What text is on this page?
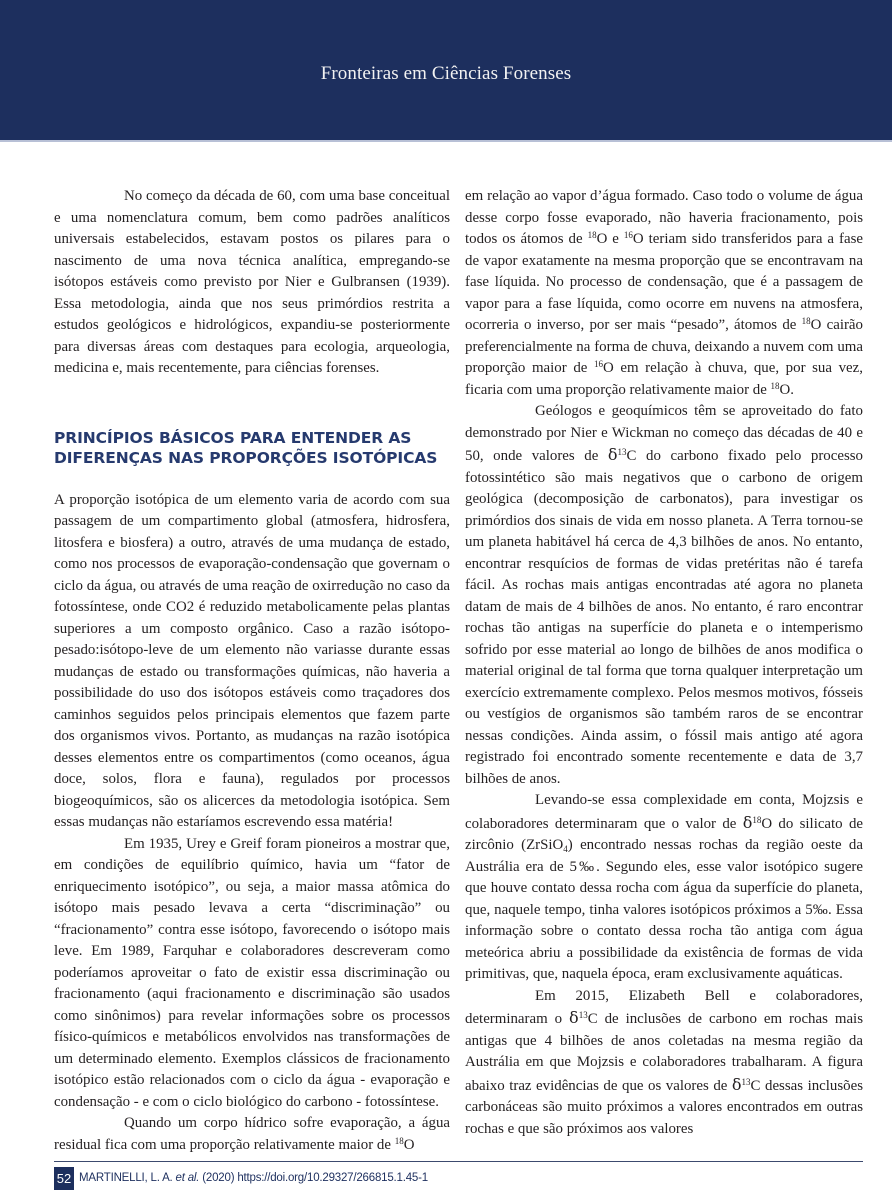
Fronteiras em Ciências Forenses

No começo da década de 60, com uma base conceitual e uma nomenclatura comum, bem como padrões analíticos universais estabelecidos, estavam postos os pilares para o nascimento de uma nova técnica analítica, empregando-se isótopos estáveis como previsto por Nier e Gulbransen (1939). Essa metodologia, ainda que nos seus primórdios restrita a estudos geológicos e hidrológicos, expandiu-se posteriormente para diversas áreas com destaques para ecologia, arqueologia, medicina e, mais recentemente, para ciências forenses.

PRINCÍPIOS BÁSICOS PARA ENTENDER AS DIFERENÇAS NAS PROPORÇÕES ISOTÓPICAS

A proporção isotópica de um elemento varia de acordo com sua passagem de um compartimento global (atmosfera, hidrosfera, litosfera e biosfera) a outro, através de uma mudança de estado, como nos processos de evaporação-condensação que governam o ciclo da água, ou através de uma reação de oxirredução no caso da fotossíntese, onde CO2 é reduzido metabolicamente pelas plantas superiores a um composto orgânico. Caso a razão isótopo-pesado:isótopo-leve de um elemento não variasse durante essas mudanças de estado ou transformações químicas, não haveria a possibilidade do uso dos isótopos estáveis como traçadores dos caminhos seguidos pelos principais elementos que fazem parte dos organismos vivos. Portanto, as mudanças na razão isotópica desses elementos entre os compartimentos (como oceanos, água doce, solos, flora e fauna), regulados por processos biogeoquímicos, são os alicerces da metodologia isotópica. Sem essas mudanças não estaríamos escrevendo essa matéria!

Em 1935, Urey e Greif foram pioneiros a mostrar que, em condições de equilíbrio químico, havia um “fator de enriquecimento isotópico”, ou seja, a maior massa atômica do isótopo mais pesado levava a certa “discriminação” ou “fracionamento” contra esse isótopo, favorecendo o isótopo mais leve. Em 1989, Farquhar e colaboradores descreveram como poderíamos aproveitar o fato de existir essa discriminação ou fracionamento (aqui fracionamento e discriminação são usados como sinônimos) para revelar informações sobre os processos físico-químicos e metabólicos envolvidos nas transformações de um determinado elemento. Exemplos clássicos de fracionamento isotópico estão relacionados com o ciclo da água - evaporação e condensação - e com o ciclo biológico do carbono - fotossíntese.

Quando um corpo hídrico sofre evaporação, a água residual fica com uma proporção relativamente maior de $^{18}$O

em relação ao vapor d’água formado. Caso todo o volume de água desse corpo fosse evaporado, não haveria fracionamento, pois todos os átomos de $^{18}$O e $^{16}$O teriam sido transferidos para a fase de vapor exatamente na mesma proporção que se encontravam na fase líquida. No processo de condensação, que é a passagem de vapor para a fase líquida, como ocorre em nuvens na atmosfera, ocorreria o inverso, por ser mais “pesado”, átomos de $^{18}$O cairão preferencialmente na forma de chuva, deixando a nuvem com uma proporção maior de $^{16}$O em relação à chuva, que, por sua vez, ficaria com uma proporção relativamente maior de $^{18}$O.

Geólogos e geoquímicos têm se aproveitado do fato demonstrado por Nier e Wickman no começo das décadas de 40 e 50, onde valores de $\delta^{13}C$ do carbono fixado pelo processo fotossintético são mais negativos que o carbono de origem geológica (decomposição de carbonatos), para investigar os primórdios dos sinais de vida em nosso planeta. A Terra tornou-se um planeta habitável há cerca de 4,3 bilhões de anos. No entanto, encontrar resquícios de formas de vidas pretéritas não é tarefa fácil. As rochas mais antigas encontradas até agora no planeta datam de mais de 4 bilhões de anos. No entanto, é raro encontrar rochas tão antigas na superfície do planeta e o intemperismo sofrido por esse material ao longo de bilhões de anos modifica o material original de tal forma que torna qualquer interpretação um exercício extremamente complexo. Pelos mesmos motivos, fósseis ou vestígios de organismos são também raros de se encontrar nessas condições. Ainda assim, o fóssil mais antigo até agora registrado foi encontrado somente recentemente e data de 3,7 bilhões de anos.

Levando-se essa complexidade em conta, Mojzsis e colaboradores determinaram que o valor de $\delta^{18}O$ do silicato de zircônio (ZrSiO$_4$) encontrado nessas rochas da região oeste da Austrália era de 5‰. Segundo eles, esse valor isotópico sugere que houve contato dessa rocha com água da superfície do planeta, que, naquele tempo, tinha valores isotópicos próximos a 5‰. Essa informação sobre o contato dessa rocha tão antiga com água meteórica abriu a possibilidade da existência de formas de vida primitivas, que, naquela época, eram exclusivamente aquáticas.

Em 2015, Elizabeth Bell e colaboradores, determinaram o $\delta^{13}C$ de inclusões de carbono em rochas mais antigas que 4 bilhões de anos coletadas na mesma região da Austrália em que Mojzsis e colaboradores trabalharam. A figura abaixo traz evidências de que os valores de $\delta^{13}C$ dessas inclusões carbonáceas são muito próximos a valores encontrados em outras rochas e que são próximos aos valores

52 MARTINELLI, L. A. et al. (2020) https://doi.org/10.29327/266815.1.45-1
